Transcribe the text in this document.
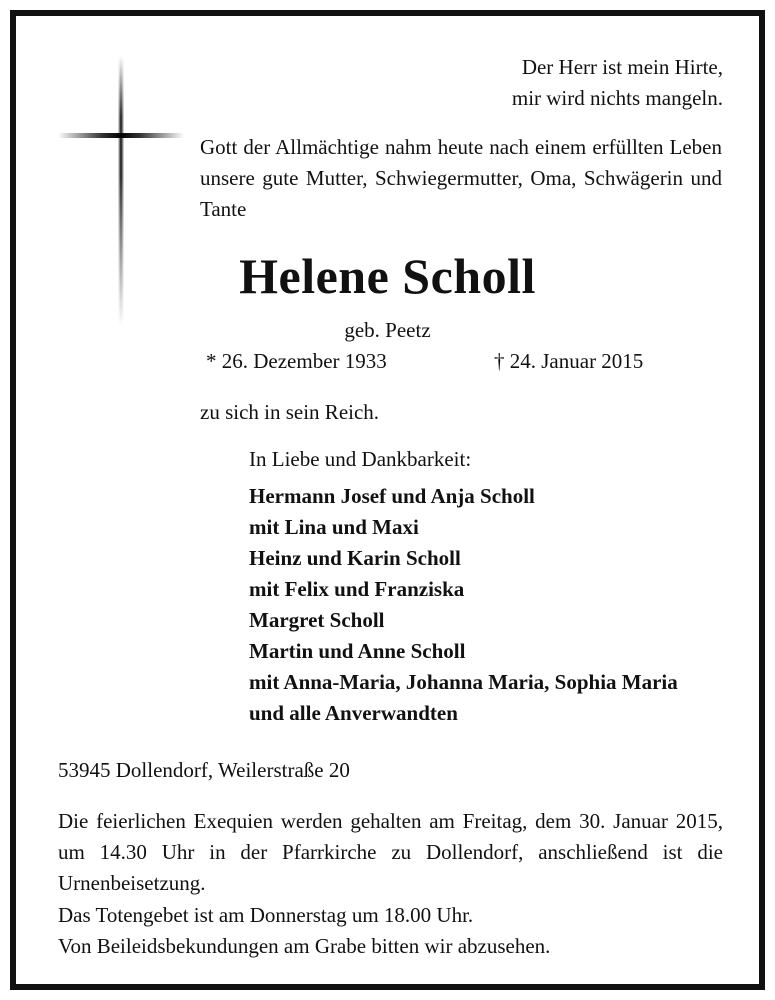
Der Herr ist mein Hirte,

mir wird nichts mangeln.

Gott der Allmächtige nahm heute nach einem erfüllten Leben unsere gute Mutter, Schwiegermutter, Oma, Schwägerin und Tante

Helene Scholl

geb. Peetz

* 26. Dezember 1933	† 24. Januar 2015

zu sich in sein Reich.

In Liebe und Dankbarkeit:

Hermann Josef und Anja Scholl
mit Lina und Maxi
Heinz und Karin Scholl
mit Felix und Franziska
Margret Scholl
Martin und Anne Scholl
mit Anna-Maria, Johanna Maria, Sophia Maria
und alle Anverwandten

53945 Dollendorf, Weilerstraße 20

Die feierlichen Exequien werden gehalten am Freitag, dem 30. Januar 2015, um 14.30 Uhr in der Pfarrkirche zu Dollendorf, anschließend ist die Urnenbeisetzung.

Das Totengebet ist am Donnerstag um 18.00 Uhr.

Von Beileidsbekundungen am Grabe bitten wir abzusehen.
